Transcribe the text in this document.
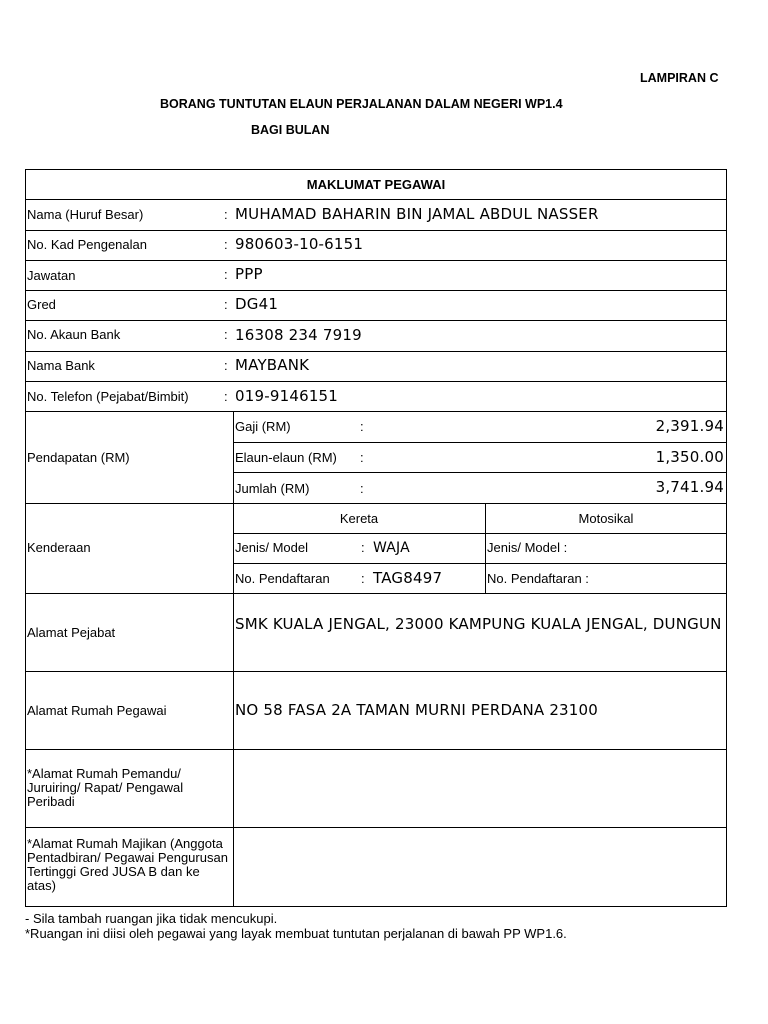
LAMPIRAN C
BORANG TUNTUTAN ELAUN PERJALANAN DALAM NEGERI WP1.4
BAGI BULAN
MAKLUMAT PEGAWAI
Nama (Huruf Besar)	: MUHAMAD BAHARIN BIN JAMAL ABDUL NASSER
No. Kad Pengenalan	: 980603-10-6151
Jawatan	: PPP
Gred	: DG41
No. Akaun Bank	: 16308 234 7919
Nama Bank	: MAYBANK
No. Telefon (Pejabat/Bimbit)	: 019-9146151
Pendapatan (RM)
Gaji (RM)	:	2,391.94
Elaun-elaun (RM) :	1,350.00
Jumlah (RM)	:	3,741.94
Kenderaan
Kereta	Motosikal
Jenis/ Model	: WAJA	Jenis/ Model :
No. Pendaftaran : TAG8497	No. Pendaftaran :
Alamat Pejabat	SMK KUALA JENGAL, 23000 KAMPUNG KUALA JENGAL, DUNGUN
Alamat Rumah Pegawai	NO 58 FASA 2A TAMAN MURNI PERDANA 23100
*Alamat Rumah Pemandu/ Juruiring/ Rapat/ Pengawal Peribadi
*Alamat Rumah Majikan (Anggota Pentadbiran/ Pegawai Pengurusan Tertinggi Gred JUSA B dan ke atas)
- Sila tambah ruangan jika tidak mencukupi.
*Ruangan ini diisi oleh pegawai yang layak membuat tuntutan perjalanan di bawah PP WP1.6.
